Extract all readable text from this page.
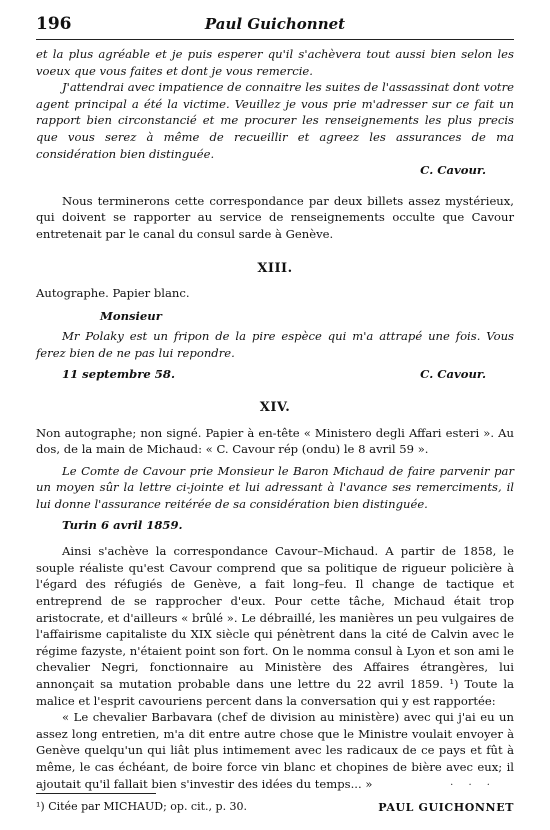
196	Paul Guichonnet

et la plus agréable et je puis esperer qu'il s'achèvera tout aussi bien selon les voeux que vous faites et dont je vous remercie.

J'attendrai avec impatience de connaitre les suites de l'assassinat dont votre agent principal a été la victime. Veuillez je vous prie m'adresser sur ce fait un rapport bien circonstancié et me procurer les renseignements les plus precis que vous serez à même de recueillir et agreez les assurances de ma considération bien distinguée.

C. Cavour.

Nous terminerons cette correspondance par deux billets assez mystérieux, qui doivent se rapporter au service de renseignements occulte que Cavour entretenait par le canal du consul sarde à Genève.

XIII.

Autographe. Papier blanc.

Monsieur

Mr Polaky est un fripon de la pire espèce qui m'a attrapé une fois. Vous ferez bien de ne pas lui repondre.

11 septembre 58.	C. Cavour.
XIV.

Non autographe; non signé. Papier à en-tête « Ministero degli Affari esteri ». Au dos, de la main de Michaud: « C. Cavour rép (ondu) le 8 avril 59 ».

Le Comte de Cavour prie Monsieur le Baron Michaud de faire parvenir par un moyen sûr la lettre ci-jointe et lui adressant à l'avance ses remerciments, il lui donne l'assurance reitérée de sa considération bien distinguée.

Turin 6 avril 1859.

Ainsi s'achève la correspondance Cavour–Michaud. A partir de 1858, le souple réaliste qu'est Cavour comprend que sa politique de rigueur policière à l'égard des réfugiés de Genève, a fait long–feu. Il change de tactique et entreprend de se rapprocher d'eux. Pour cette tâche, Michaud était trop aristocrate, et d'ailleurs « brûlé ». Le débraillé, les manières un peu vulgaires de l'affairisme capitaliste du XIX siècle qui pénètrent dans la cité de Calvin avec le régime fazyste, n'étaient point son fort. On le nomma consul à Lyon et son ami le chevalier Negri, fonctionnaire au Ministère des Affaires étrangères, lui annonçait sa mutation probable dans une lettre du 22 avril 1859. ¹) Toute la malice et l'esprit cavouriens percent dans la conversation qui y est rapportée:

« Le chevalier Barbavara (chef de division au ministère) avec qui j'ai eu un assez long entretien, m'a dit entre autre chose que le Ministre voulait envoyer à Genève quelqu'un qui liât plus intimement avec les radicaux de ce pays et fût à même, le cas échéant, de boire force vin blanc et chopines de bière avec eux; il ajoutait qu'il fallait bien s'investir des idées du temps... »

PAUL GUICHONNET
· · ·
¹) Citée par MICHAUD; op. cit., p. 30.
